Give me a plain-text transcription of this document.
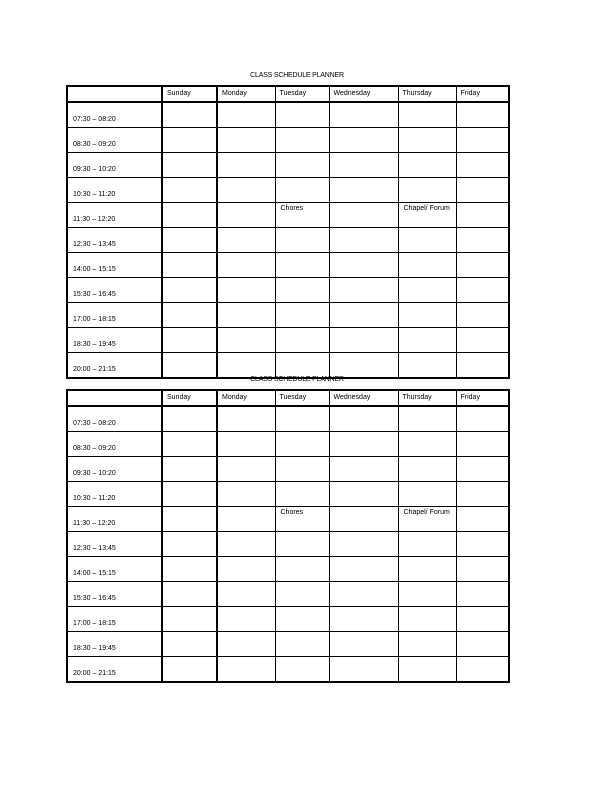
CLASS SCHEDULE PLANNER
	Sunday	Monday	Tuesday	Wednesday	Thursday	Friday
07:30 – 08:20						
08:30 – 09:20						
09:30 – 10:20						
10:30 – 11:20						
11:30 – 12:20			Chores		Chapel/ Forum	
12:30 – 13:45						
14:00 – 15:15						
15:30 – 16:45						
17:00 – 18:15						
18:30 – 19:45						
20:00 – 21:15						
CLASS SCHEDULE PLANNER
	Sunday	Monday	Tuesday	Wednesday	Thursday	Friday
07:30 – 08:20						
08:30 – 09:20						
09:30 – 10:20						
10:30 – 11:20						
11:30 – 12:20			Chores		Chapel/ Forum	
12:30 – 13:45						
14:00 – 15:15						
15:30 – 16:45						
17:00 – 18:15						
18:30 – 19:45						
20:00 – 21:15						
